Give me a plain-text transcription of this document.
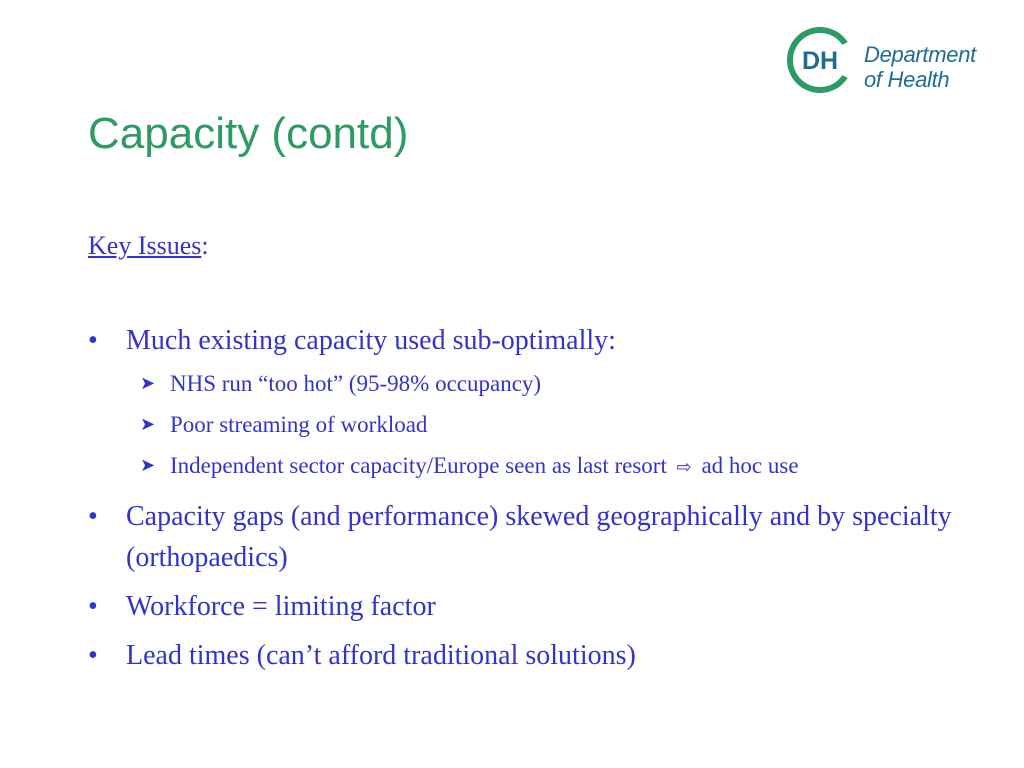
DH Department
of Health
Capacity (contd)

Key Issues:

•	Much existing capacity used sub-optimally:
➤ NHS run “too hot” (95-98% occupancy)
➤ Poor streaming of workload
➤ Independent sector capacity/Europe seen as last resort ⇨ ad hoc use
•	Capacity gaps (and performance) skewed geographically and by specialty (orthopaedics)
•	Workforce = limiting factor
•	Lead times (can’t afford traditional solutions)
